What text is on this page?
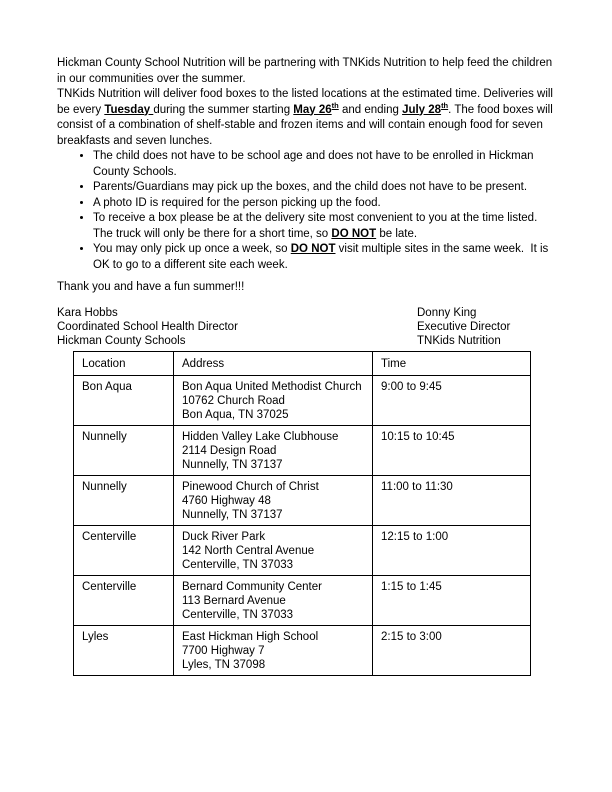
Hickman County School Nutrition will be partnering with TNKids Nutrition to help feed the children in our communities over the summer.

TNKids Nutrition will deliver food boxes to the listed locations at the estimated time. Deliveries will be every Tuesday during the summer starting May 26th and ending July 28th. The food boxes will consist of a combination of shelf-stable and frozen items and will contain enough food for seven breakfasts and seven lunches.

• The child does not have to be school age and does not have to be enrolled in Hickman County Schools.
• Parents/Guardians may pick up the boxes, and the child does not have to be present.
• A photo ID is required for the person picking up the food.
• To receive a box please be at the delivery site most convenient to you at the time listed. The truck will only be there for a short time, so DO NOT be late.
• You may only pick up once a week, so DO NOT visit multiple sites in the same week.  It is OK to go to a different site each week.

Thank you and have a fun summer!!!

Kara Hobbs
Coordinated School Health Director
Hickman County Schools
Donny King
Executive Director
TNKids Nutrition
Location	Address	Time
Bon Aqua	Bon Aqua United Methodist Church
10762 Church Road
Bon Aqua, TN 37025	9:00 to 9:45
Nunnelly	Hidden Valley Lake Clubhouse
2114 Design Road
Nunnelly, TN 37137	10:15 to 10:45
Nunnelly	Pinewood Church of Christ
4760 Highway 48
Nunnelly, TN 37137	11:00 to 11:30
Centerville	Duck River Park
142 North Central Avenue
Centerville, TN 37033	12:15 to 1:00
Centerville	Bernard Community Center
113 Bernard Avenue
Centerville, TN 37033	1:15 to 1:45
Lyles	East Hickman High School
7700 Highway 7
Lyles, TN 37098	2:15 to 3:00
